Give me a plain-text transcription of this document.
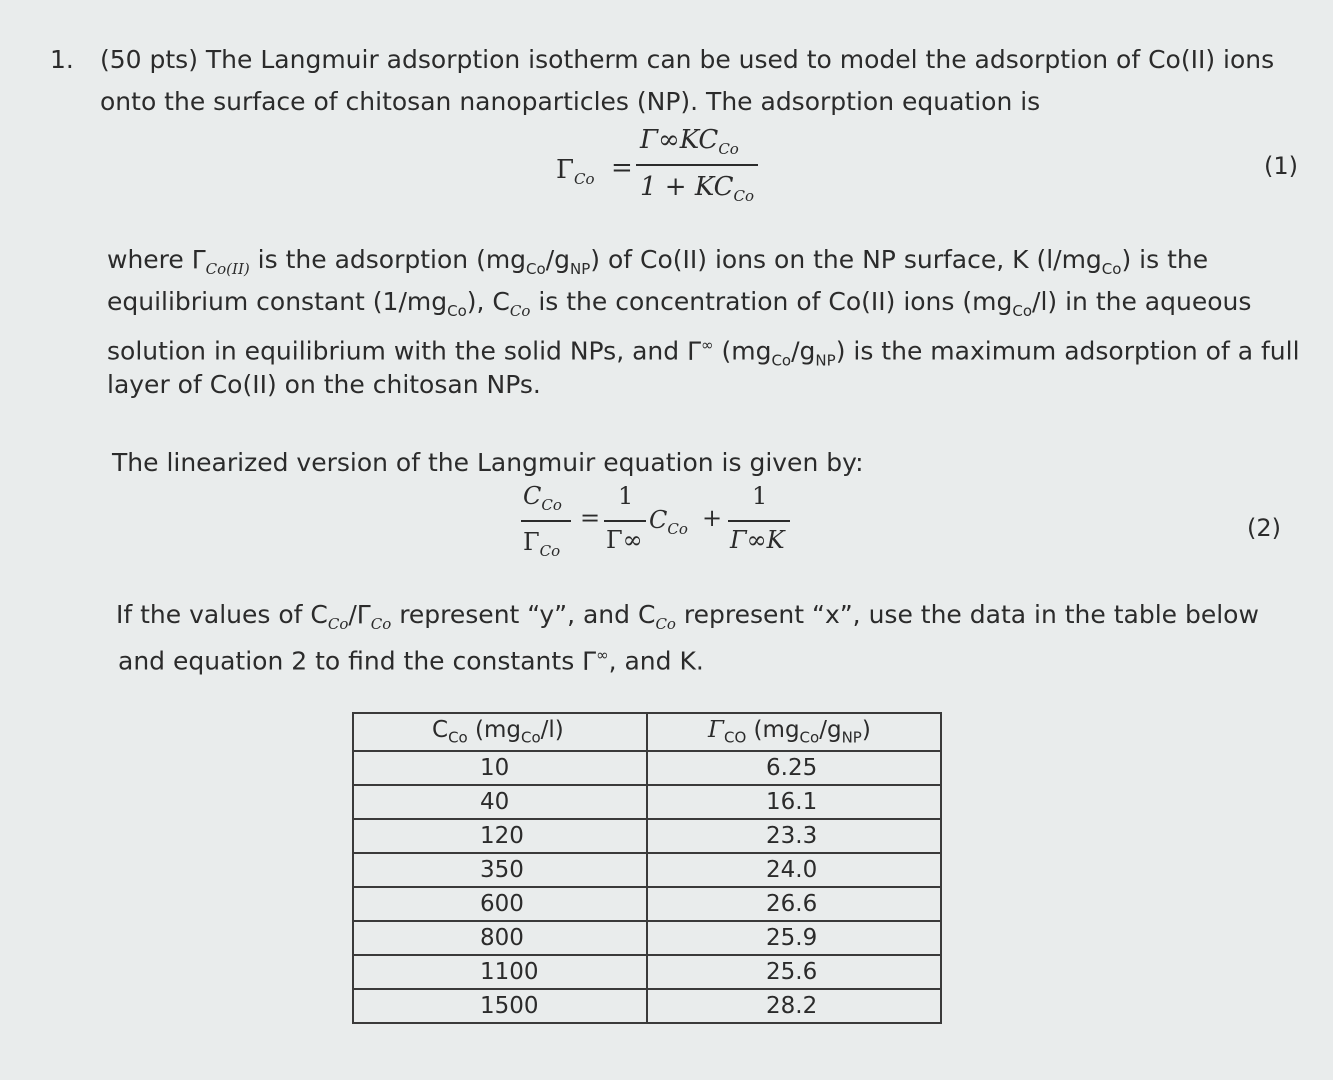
1. (50 pts) The Langmuir adsorption isotherm can be used to model the adsorption of Co(II) ions
onto the surface of chitosan nanoparticles (NP). The adsorption equation is
$\Gamma_{Co}$ =
$\Gamma\infty KC_{Co}$
$1 + KC_{Co}$
(1)
where $\Gamma_{Co(II)}$ is the adsorption $(mg_{Co}/g_{NP})$ of Co(II) ions on the NP surface, K $(l/mg_{Co})$ is the
equilibrium constant $(1/mg_{Co})$, $C_{Co}$ is the concentration of Co(II) ions $(mg_{Co}/l)$ in the aqueous
solution in equilibrium with the solid NPs, and Γ∞ $(mg_{Co}/g_{NP})$ is the maximum adsorption of a full
layer of Co(II) on the chitosan NPs.
The linearized version of the Langmuir equation is given by:
$C_{Co}$
$\Gamma_{Co}$
=
1
Γ∞
$C_{Co}$ +
1
Γ∞K	(2)
If the values of $C_{Co}/\Gamma_{Co}$ represent “y”, and $C_{Co}$ represent “x”, use the data in the table below
and equation 2 to find the constants Γ∞, and K.
$C_{Co}$ $(mg_{Co}/l)$	$\Gamma_{CO}$ $(mg_{Co}/g_{NP})$
10	6.25
40	16.1
120	23.3
350	24.0
600	26.6
800	25.9
1100	25.6
1500	28.2
